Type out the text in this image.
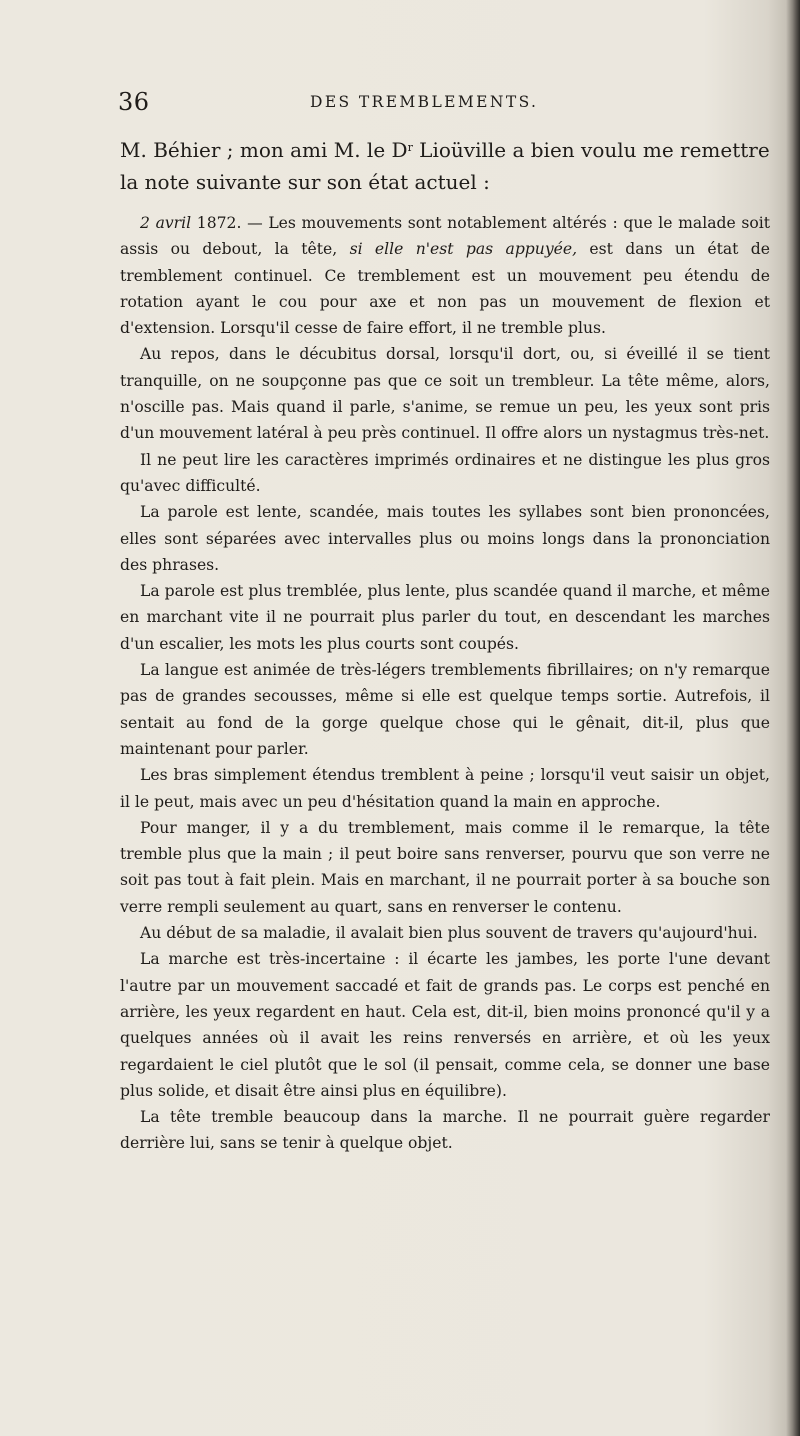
36	DES TREMBLEMENTS.

M. Béhier ; mon ami M. le $D^r$ Lioüville a bien voulu me remettre la note suivante sur son état actuel :

2 avril 1872. — Les mouvements sont notablement altérés : que le malade soit assis ou debout, la tête, si elle n'est pas appuyée, est dans un état de tremblement continuel. Ce tremblement est un mouvement peu étendu de rotation ayant le cou pour axe et non pas un mouvement de flexion et d'extension. Lorsqu'il cesse de faire effort, il ne tremble plus.

Au repos, dans le décubitus dorsal, lorsqu'il dort, ou, si éveillé il se tient tranquille, on ne soupçonne pas que ce soit un trembleur. La tête même, alors, n'oscille pas. Mais quand il parle, s'anime, se remue un peu, les yeux sont pris d'un mouvement latéral à peu près continuel. Il offre alors un nystagmus très-net.

Il ne peut lire les caractères imprimés ordinaires et ne distingue les plus gros qu'avec difficulté.

La parole est lente, scandée, mais toutes les syllabes sont bien prononcées, elles sont séparées avec intervalles plus ou moins longs dans la prononciation des phrases.

La parole est plus tremblée, plus lente, plus scandée quand il marche, et même en marchant vite il ne pourrait plus parler du tout, en descendant les marches d'un escalier, les mots les plus courts sont coupés.

La langue est animée de très-légers tremblements fibrillaires; on n'y remarque pas de grandes secousses, même si elle est quelque temps sortie. Autrefois, il sentait au fond de la gorge quelque chose qui le gênait, dit-il, plus que maintenant pour parler.

Les bras simplement étendus tremblent à peine ; lorsqu'il veut saisir un objet, il le peut, mais avec un peu d'hésitation quand la main en approche.

Pour manger, il y a du tremblement, mais comme il le remarque, la tête tremble plus que la main ; il peut boire sans renverser, pourvu que son verre ne soit pas tout à fait plein. Mais en marchant, il ne pourrait porter à sa bouche son verre rempli seulement au quart, sans en renverser le contenu.

Au début de sa maladie, il avalait bien plus souvent de travers qu'aujourd'hui.

La marche est très-incertaine : il écarte les jambes, les porte l'une devant l'autre par un mouvement saccadé et fait de grands pas. Le corps est penché en arrière, les yeux regardent en haut. Cela est, dit-il, bien moins prononcé qu'il y a quelques années où il avait les reins renversés en arrière, et où les yeux regardaient le ciel plutôt que le sol (il pensait, comme cela, se donner une base plus solide, et disait être ainsi plus en équilibre).

La tête tremble beaucoup dans la marche. Il ne pourrait guère regarder derrière lui, sans se tenir à quelque objet.
